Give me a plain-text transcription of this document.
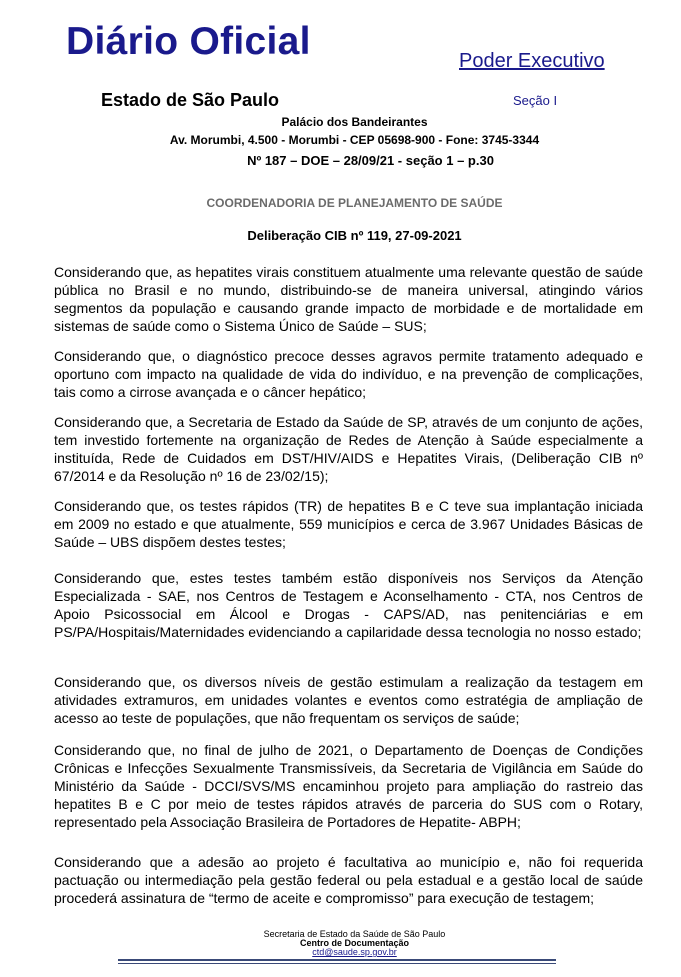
Diário Oficial	Poder Executivo
Estado de São Paulo	Seção I
Palácio dos Bandeirantes
Av. Morumbi, 4.500 - Morumbi - CEP 05698-900 - Fone: 3745-3344
Nº 187 – DOE – 28/09/21 - seção 1 – p.30
COORDENADORIA DE PLANEJAMENTO DE SAÚDE
Deliberação CIB nº 119, 27-09-2021

Considerando que, as hepatites virais constituem atualmente uma relevante questão de saúde pública no Brasil e no mundo, distribuindo-se de maneira universal, atingindo vários segmentos da população e causando grande impacto de morbidade e de mortalidade em sistemas de saúde como o Sistema Único de Saúde – SUS;

Considerando que, o diagnóstico precoce desses agravos permite tratamento adequado e oportuno com impacto na qualidade de vida do indivíduo, e na prevenção de complicações, tais como a cirrose avançada e o câncer hepático;

Considerando que, a Secretaria de Estado da Saúde de SP, através de um conjunto de ações, tem investido fortemente na organização de Redes de Atenção à Saúde especialmente a instituída, Rede de Cuidados em DST/HIV/AIDS e Hepatites Virais, (Deliberação CIB nº 67/2014 e da Resolução nº 16 de 23/02/15);

Considerando que, os testes rápidos (TR) de hepatites B e C teve sua implantação iniciada em 2009 no estado e que atualmente, 559 municípios e cerca de 3.967 Unidades Básicas de Saúde – UBS dispõem destes testes;

Considerando que, estes testes também estão disponíveis nos Serviços da Atenção Especializada - SAE, nos Centros de Testagem e Aconselhamento - CTA, nos Centros de Apoio Psicossocial em Álcool e Drogas - CAPS/AD, nas penitenciárias e em PS/PA/Hospitais/Maternidades evidenciando a capilaridade dessa tecnologia no nosso estado;

Considerando que, os diversos níveis de gestão estimulam a realização da testagem em atividades extramuros, em unidades volantes e eventos como estratégia de ampliação de acesso ao teste de populações, que não frequentam os serviços de saúde;

Considerando que, no final de julho de 2021, o Departamento de Doenças de Condições Crônicas e Infecções Sexualmente Transmissíveis, da Secretaria de Vigilância em Saúde do Ministério da Saúde - DCCI/SVS/MS encaminhou projeto para ampliação do rastreio das hepatites B e C por meio de testes rápidos através de parceria do SUS com o Rotary, representado pela Associação Brasileira de Portadores de Hepatite- ABPH;

Considerando que a adesão ao projeto é facultativa ao município e, não foi requerida pactuação ou intermediação pela gestão federal ou pela estadual e a gestão local de saúde procederá assinatura de “termo de aceite e compromisso” para execução de testagem;

Secretaria de Estado da Saúde de São Paulo
Centro de Documentação
ctd@saude.sp.gov.br
